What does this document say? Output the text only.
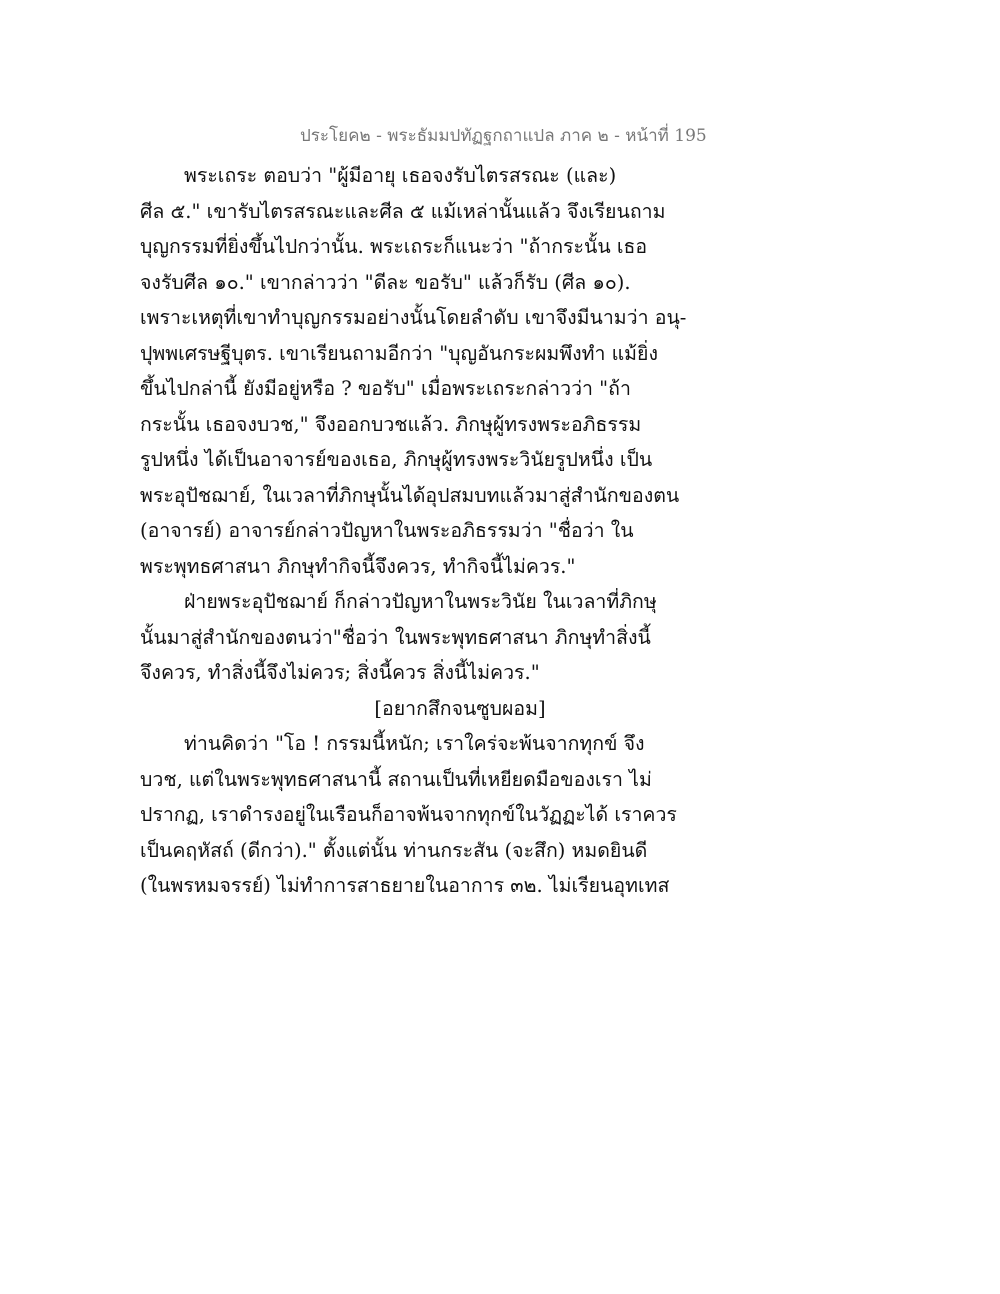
ประโยค๒ - พระธัมมปทัฏฐกถาแปล ภาค ๒ - หน้าที่ 195
พระเถระ ตอบว่า "ผู้มีอายุ เธอจงรับไตรสรณะ (และ)
ศีล ๕." เขารับไตรสรณะและศีล ๕ แม้เหล่านั้นแล้ว จึงเรียนถาม
บุญกรรมที่ยิ่งขึ้นไปกว่านั้น. พระเถระก็แนะว่า "ถ้ากระนั้น เธอ
จงรับศีล ๑๐." เขากล่าวว่า "ดีละ ขอรับ" แล้วก็รับ (ศีล ๑๐).
เพราะเหตุที่เขาทำบุญกรรมอย่างนั้นโดยลำดับ เขาจึงมีนามว่า อนุ-
ปุพพเศรษฐีบุตร. เขาเรียนถามอีกว่า "บุญอันกระผมพึงทำ แม้ยิ่ง
ขึ้นไปกล่านี้ ยังมีอยู่หรือ ? ขอรับ" เมื่อพระเถระกล่าวว่า "ถ้า
กระนั้น เธอจงบวช," จึงออกบวชแล้ว. ภิกษุผู้ทรงพระอภิธรรม
รูปหนึ่ง ได้เป็นอาจารย์ของเธอ, ภิกษุผู้ทรงพระวินัยรูปหนึ่ง เป็น
พระอุปัชฌาย์, ในเวลาที่ภิกษุนั้นได้อุปสมบทแล้วมาสู่สำนักของตน
(อาจารย์) อาจารย์กล่าวปัญหาในพระอภิธรรมว่า "ชื่อว่า ใน
พระพุทธศาสนา ภิกษุทำกิจนี้จึงควร, ทำกิจนี้ไม่ควร."
ฝ่ายพระอุปัชฌาย์ ก็กล่าวปัญหาในพระวินัย ในเวลาที่ภิกษุ
นั้นมาสู่สำนักของตนว่า"ชื่อว่า ในพระพุทธศาสนา ภิกษุทำสิ่งนี้
จึงควร, ทำสิ่งนี้จึงไม่ควร; สิ่งนี้ควร สิ่งนี้ไม่ควร."
[อยากสึกจนซูบผอม]
ท่านคิดว่า "โอ ! กรรมนี้หนัก; เราใคร่จะพ้นจากทุกข์ จึง
บวช, แต่ในพระพุทธศาสนานี้ สถานเป็นที่เหยียดมือของเรา ไม่
ปรากฏ, เราดำรงอยู่ในเรือนก็อาจพ้นจากทุกข์ในวัฏฏะได้ เราควร
เป็นคฤหัสถ์ (ดีกว่า)." ตั้งแต่นั้น ท่านกระสัน (จะสึก) หมดยินดี
(ในพรหมจรรย์) ไม่ทำการสาธยายในอาการ ๓๒. ไม่เรียนอุทเทส
